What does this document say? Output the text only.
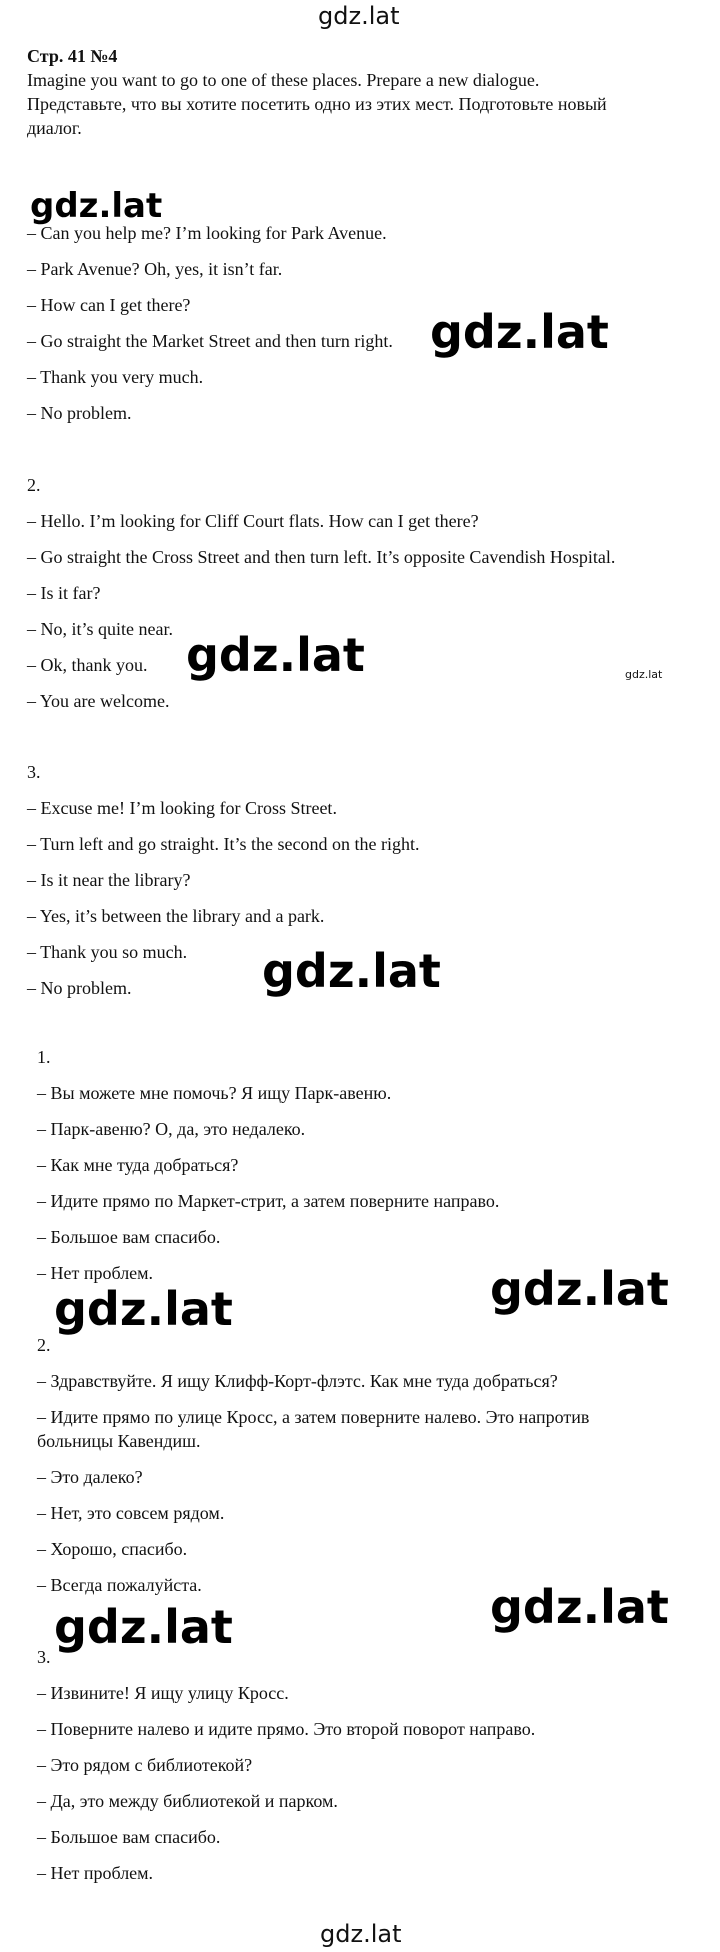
gdz.lat
gdz.lat
Стр. 41 №4
Imagine you want to go to one of these places. Prepare a new dialogue.
Представьте, что вы хотите посетить одно из этих мест. Подготовьте новый
диалог.
– Can you help me? I’m looking for Park Avenue.
– Park Avenue? Oh, yes, it isn’t far.
– How can I get there?
– Go straight the Market Street and then turn right.
– Thank you very much.
– No problem.
2.
– Hello. I’m looking for Cliff Court flats. How can I get there?
– Go straight the Cross Street and then turn left. It’s opposite Cavendish Hospital.
– Is it far?
– No, it’s quite near.
– Ok, thank you.
– You are welcome.
3.
– Excuse me! I’m looking for Cross Street.
– Turn left and go straight. It’s the second on the right.
– Is it near the library?
– Yes, it’s between the library and a park.
– Thank you so much.
– No problem.
1.
– Вы можете мне помочь? Я ищу Парк-авеню.
– Парк-авеню? О, да, это недалеко.
– Как мне туда добраться?
– Идите прямо по Маркет-стрит, а затем поверните направо.
– Большое вам спасибо.
– Нет проблем.
2.
– Здравствуйте. Я ищу Клифф-Корт-флэтс. Как мне туда добраться?
– Идите прямо по улице Кросс, а затем поверните налево. Это напротив
больницы Кавендиш.
– Это далеко?
– Нет, это совсем рядом.
– Хорошо, спасибо.
– Всегда пожалуйста.
3.
– Извините! Я ищу улицу Кросс.
– Поверните налево и идите прямо. Это второй поворот направо.
– Это рядом с библиотекой?
– Да, это между библиотекой и парком.
– Большое вам спасибо.
– Нет проблем.
gdz.lat
gdz.lat
gdz.lat	gdz.lat
gdz.lat
gdz.lat
gdz.lat
gdz.lat
gdz.lat
